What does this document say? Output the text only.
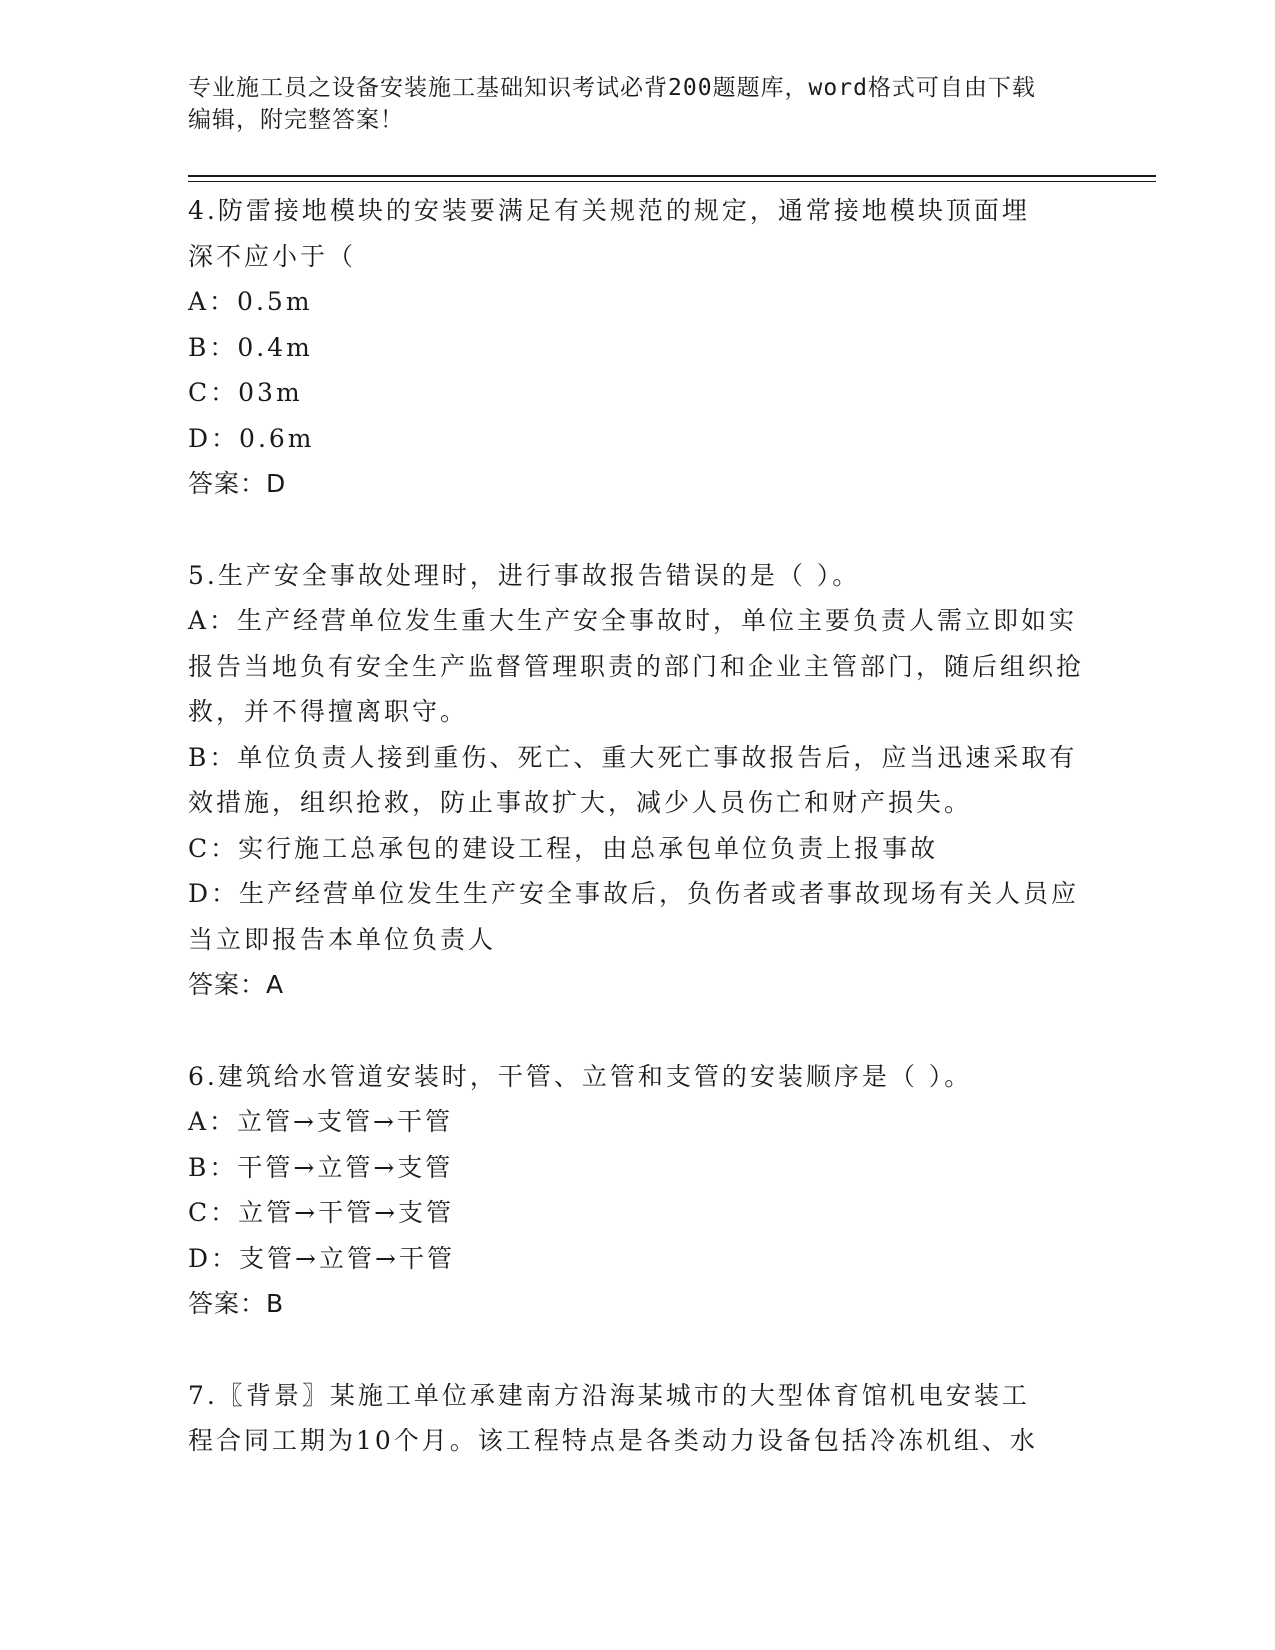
专业施工员之设备安装施工基础知识考试必背200题题库，word格式可自由下载
编辑，附完整答案！

4.防雷接地模块的安装要满足有关规范的规定，通常接地模块顶面埋

深不应小于（

A：0.5m

B：0.4m

C：03m

D：0.6m

答案：D

5.生产安全事故处理时，进行事故报告错误的是（ ）。

A：生产经营单位发生重大生产安全事故时，单位主要负责人需立即如实报告当地负有安全生产监督管理职责的部门和企业主管部门，随后组织抢救，并不得擅离职守。

B：单位负责人接到重伤、死亡、重大死亡事故报告后，应当迅速采取有效措施，组织抢救，防止事故扩大，减少人员伤亡和财产损失。

C：实行施工总承包的建设工程，由总承包单位负责上报事故

D：生产经营单位发生生产安全事故后，负伤者或者事故现场有关人员应当立即报告本单位负责人

答案：A

6.建筑给水管道安装时，干管、立管和支管的安装顺序是（ ）。

A：立管→支管→干管

B：干管→立管→支管

C：立管→干管→支管

D：支管→立管→干管

答案：B

7.〖背景〗某施工单位承建南方沿海某城市的大型体育馆机电安装工

程合同工期为10个月。该工程特点是各类动力设备包括冷冻机组、水
